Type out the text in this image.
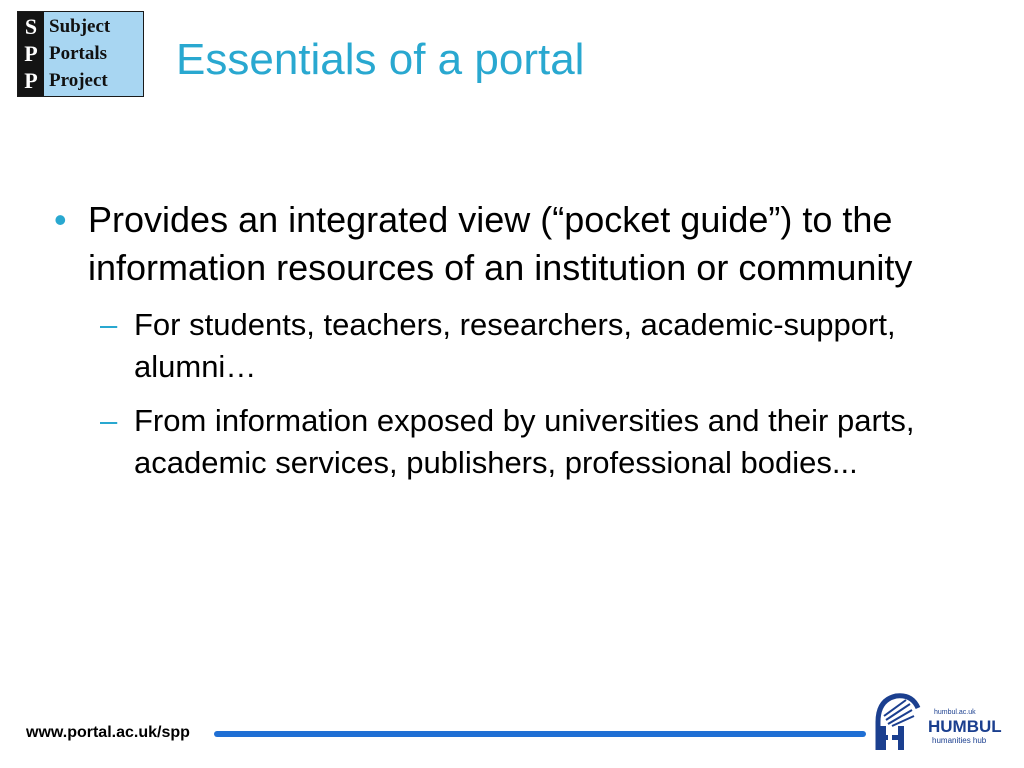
S
P
P
Subject
Portals
Project	Essentials of a portal
• Provides an integrated view (“pocket guide”) to the information resources of an institution or community
– For students, teachers, researchers, academic-support, alumni…
– From information exposed by universities and their parts, academic services, publishers, professional bodies...
www.portal.ac.uk/spp
humbul.ac.uk
HUMBUL
humanities hub
